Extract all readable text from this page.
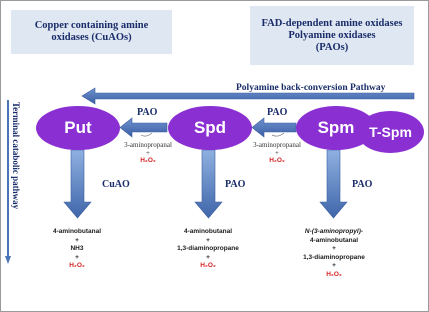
Copper containing amine
oxidases (CuAOs)
FAD-dependent amine oxidases
Polyamine oxidases
(PAOs)
Polyamine back-conversion Pathway
Terminal catabolic pathway	Put	Spd	Spm T-Spm
PAO	PAO
CuAO	PAO	PAO
3-aminopropanal
+
H₂O₂
3-aminopropanal
+
H₂O₂
4-aminobutanal
+
NH3
+
H₂O₂
4-aminobutanal
+
1,3-diaminopropane
+
H₂O₂
N-(3-aminopropyl)-
4-aminobutanal
+
1,3-diaminopropane
+
H₂O₂
